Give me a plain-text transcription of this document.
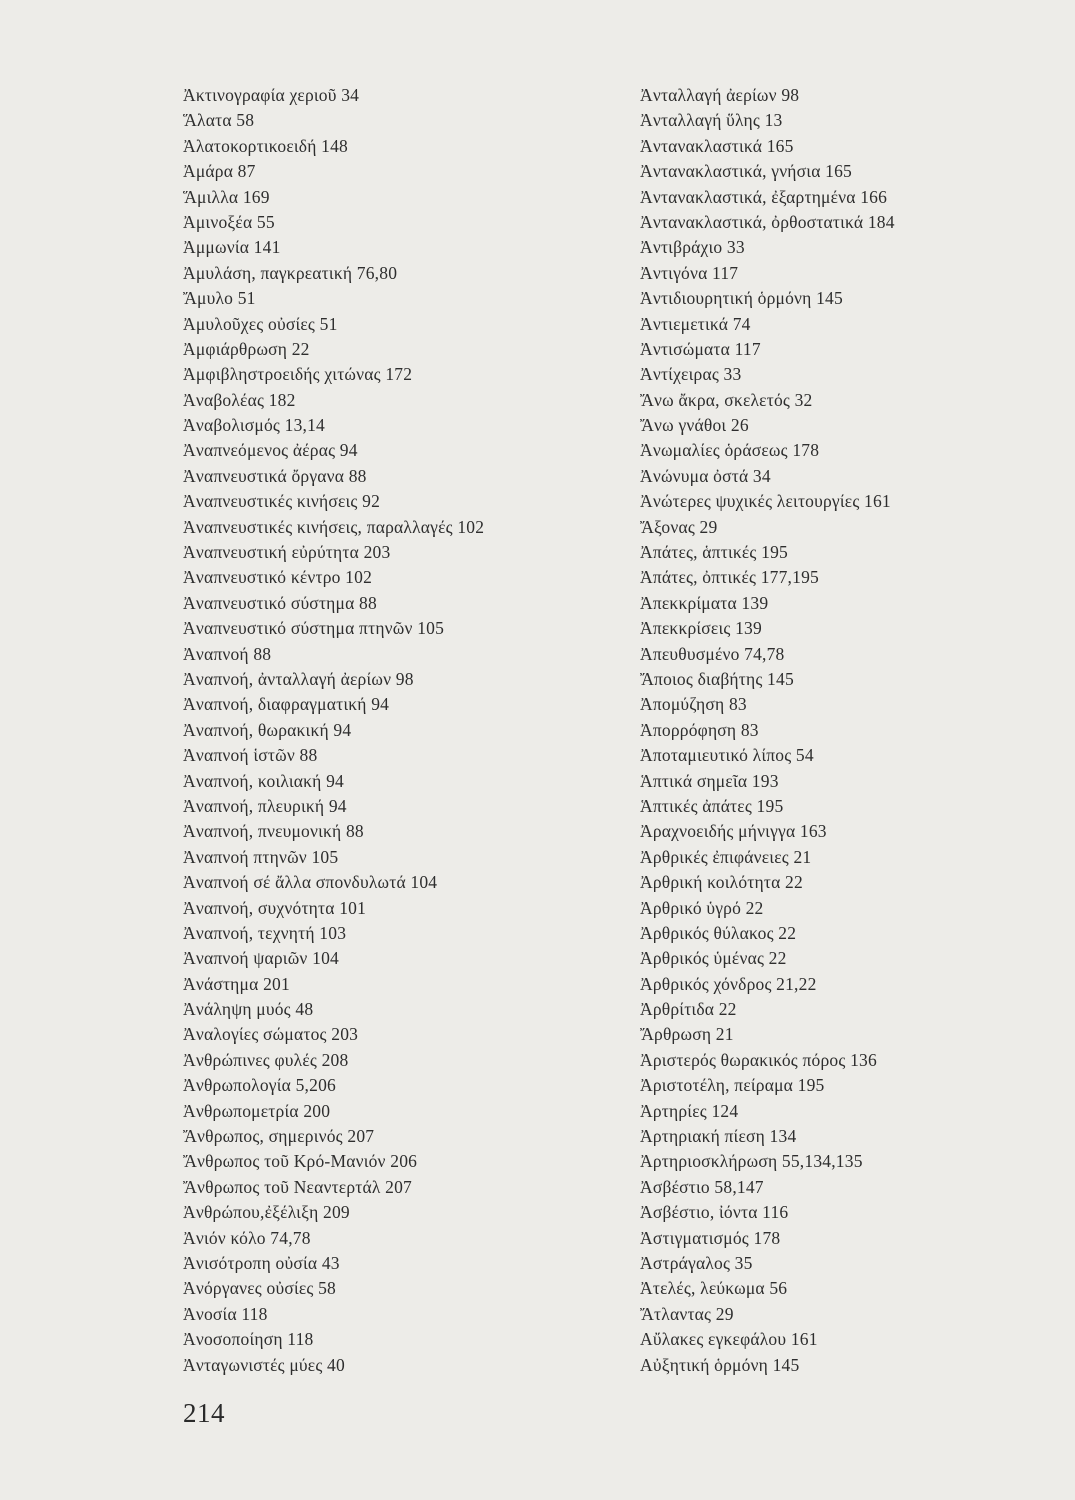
Ἀκτινογραφία χεριοῦ 34
Ἅλατα 58
Ἀλατοκορτικοειδή 148
Ἀμάρα 87
Ἅμιλλα 169
Ἀμινοξέα 55
Ἀμμωνία 141
Ἀμυλάση, παγκρεατική 76,80
Ἄμυλο 51
Ἀμυλοῦχες οὐσίες 51
Ἀμφιάρθρωση 22
Ἀμφιβληστροειδής χιτώνας 172
Ἀναβολέας 182
Ἀναβολισμός 13,14
Ἀναπνεόμενος ἀέρας 94
Ἀναπνευστικά ὄργανα 88
Ἀναπνευστικές κινήσεις 92
Ἀναπνευστικές κινήσεις, παραλλαγές 102
Ἀναπνευστική εὐρύτητα 203
Ἀναπνευστικό κέντρο 102
Ἀναπνευστικό σύστημα 88
Ἀναπνευστικό σύστημα πτηνῶν 105
Ἀναπνοή 88
Ἀναπνοή, ἀνταλλαγή ἀερίων 98
Ἀναπνοή, διαφραγματική 94
Ἀναπνοή, θωρακική 94
Ἀναπνοή ἱστῶν 88
Ἀναπνοή, κοιλιακή 94
Ἀναπνοή, πλευρική 94
Ἀναπνοή, πνευμονική 88
Ἀναπνοή πτηνῶν 105
Ἀναπνοή σέ ἄλλα σπονδυλωτά 104
Ἀναπνοή, συχνότητα 101
Ἀναπνοή, τεχνητή 103
Ἀναπνοή ψαριῶν 104
Ἀνάστημα 201
Ἀνάληψη μυός 48
Ἀναλογίες σώματος 203
Ἀνθρώπινες φυλές 208
Ἀνθρωπολογία 5,206
Ἀνθρωπομετρία 200
Ἄνθρωπος, σημερινός 207
Ἄνθρωπος τοῦ Κρό-Μανιόν 206
Ἄνθρωπος τοῦ Νεαντερτάλ 207
Ἀνθρώπου,ἐξέλιξη 209
Ἀνιόν κόλο 74,78
Ἀνισότροπη οὐσία 43
Ἀνόργανες οὐσίες 58
Ἀνοσία 118
Ἀνοσοποίηση 118
Ἀνταγωνιστές μύες 40
Ἀνταλλαγή ἀερίων 98
Ἀνταλλαγή ὕλης 13
Ἀντανακλαστικά 165
Ἀντανακλαστικά, γνήσια 165
Ἀντανακλαστικά, ἐξαρτημένα 166
Ἀντανακλαστικά, ὀρθοστατικά 184
Ἀντιβράχιο 33
Ἀντιγόνα 117
Ἀντιδιουρητική ὁρμόνη 145
Ἀντιεμετικά 74
Ἀντισώματα 117
Ἀντίχειρας 33
Ἄνω ἄκρα, σκελετός 32
Ἄνω γνάθοι 26
Ἀνωμαλίες ὁράσεως 178
Ἀνώνυμα ὀστά 34
Ἀνώτερες ψυχικές λειτουργίες 161
Ἄξονας 29
Ἀπάτες, ἁπτικές 195
Ἀπάτες, ὀπτικές 177,195
Ἀπεκκρίματα 139
Ἀπεκκρίσεις 139
Ἀπευθυσμένο 74,78
Ἄποιος διαβήτης 145
Ἀπομύζηση 83
Ἀπορρόφηση 83
Ἀποταμιευτικό λίπος 54
Ἁπτικά σημεῖα 193
Ἁπτικές ἀπάτες 195
Ἀραχνοειδής μήνιγγα 163
Ἀρθρικές ἐπιφάνειες 21
Ἀρθρική κοιλότητα 22
Ἀρθρικό ὑγρό 22
Ἀρθρικός θύλακος 22
Ἀρθρικός ὑμένας 22
Ἀρθρικός χόνδρος 21,22
Ἀρθρίτιδα 22
Ἄρθρωση 21
Ἀριστερός θωρακικός πόρος 136
Ἀριστοτέλη, πείραμα 195
Ἀρτηρίες 124
Ἀρτηριακή πίεση 134
Ἀρτηριοσκλήρωση 55,134,135
Ἀσβέστιο 58,147
Ἀσβέστιο, ἰόντα 116
Ἀστιγματισμός 178
Ἀστράγαλος 35
Ἀτελές, λεύκωμα 56
Ἄτλαντας 29
Αὔλακες εγκεφάλου 161
Αὐξητική ὁρμόνη 145
214
